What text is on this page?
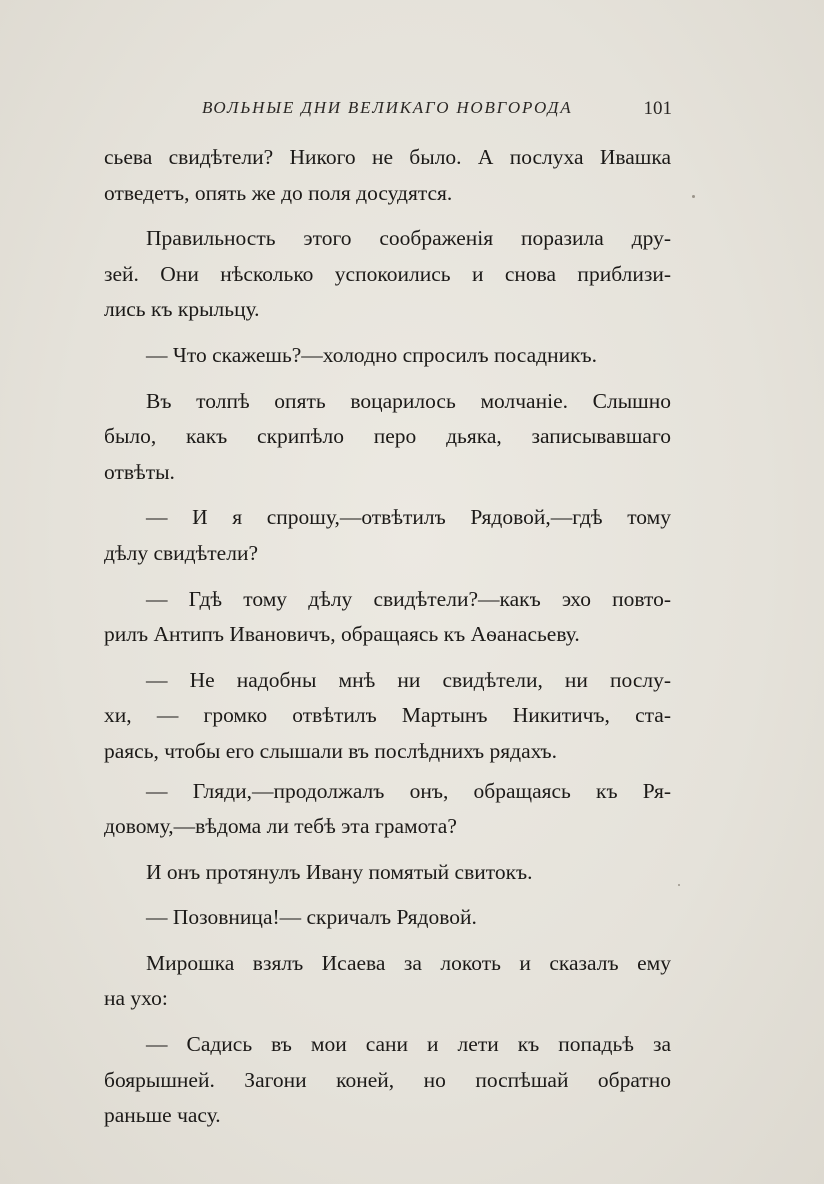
ВОЛЬНЫЕ ДНИ ВЕЛИКАГО НОВГОРОДА	101
сьева свидѣтели? Никого не было. А послуха Ивашка
отведетъ, опять же до поля досудятся.
Правильность этого соображенія поразила дру-
зей. Они нѣсколько успокоились и снова приблизи-
лись къ крыльцу.
— Что скажешь?—холодно спросилъ посадникъ.
Въ толпѣ опять воцарилось молчаніе. Слышно
было, какъ скрипѣло перо дьяка, записывавшаго
отвѣты.
— И я спрошу,—отвѣтилъ Рядовой,—гдѣ тому
дѣлу свидѣтели?
— Гдѣ тому дѣлу свидѣтели?—какъ эхо повто-
рилъ Антипъ Ивановичъ, обращаясь къ Аѳанасьеву.
— Не надобны мнѣ ни свидѣтели, ни послу-
хи, — громко отвѣтилъ Мартынъ Никитичъ, ста-
раясь, чтобы его слышали въ послѣднихъ рядахъ.
— Гляди,—продолжалъ онъ, обращаясь къ Ря-
довому,—вѣдома ли тебѣ эта грамота?
И онъ протянулъ Ивану помятый свитокъ.
— Позовница!— скричалъ Рядовой.
Мирошка взялъ Исаева за локоть и сказалъ ему
на ухо:
— Садись въ мои сани и лети къ попадьѣ за
боярышней. Загони коней, но поспѣшай обратно
раньше часу.
